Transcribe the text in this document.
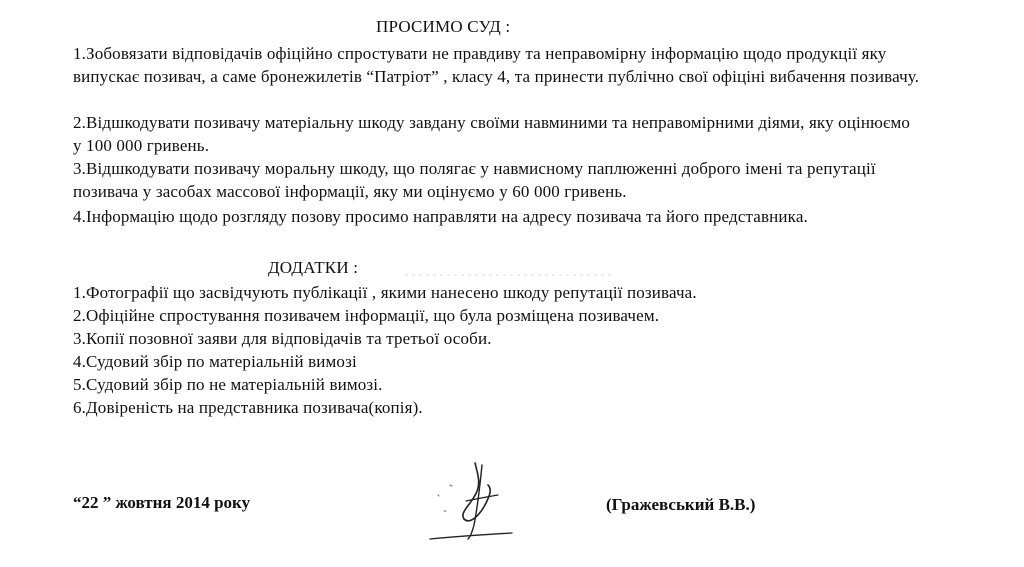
ПРОСИМО СУД :
1.Зобовязати відповідачів офіційно спростувати не правдиву та неправомірну інформацію щодо продукції яку випускає позивач, а саме бронежилетів “Патріот” , класу 4, та принести публічно свої офіціні вибачення позивачу.
2.Відшкодувати позивачу матеріальну шкоду завдану своїми навминими та неправомірними діями, яку оцінюємо у 100 000 гривень.
3.Відшкодувати позивачу моральну шкоду, що полягає у навмисному паплюженні доброго імені та репутації позивача у засобах массової інформації, яку ми оцінуємо у 60 000 гривень.
4.Інформацію щодо розгляду позову просимо направляти на адресу позивача та його представника.
ДОДАТКИ :
1.Фотографії що засвідчують публікації , якими нанесено шкоду репутації позивача.
2.Офіційне спростування позивачем інформації, що була розміщена позивачем.
3.Копії позовної заяви для відповідачів та третьої особи.
4.Судовий збір по матеріальній вимозі
5.Судовий збір по не матеріальній вимозі.
6.Довіреність на представника позивача(копія).
“22 ” жовтня 2014 року	(Гражевський В.В.)
